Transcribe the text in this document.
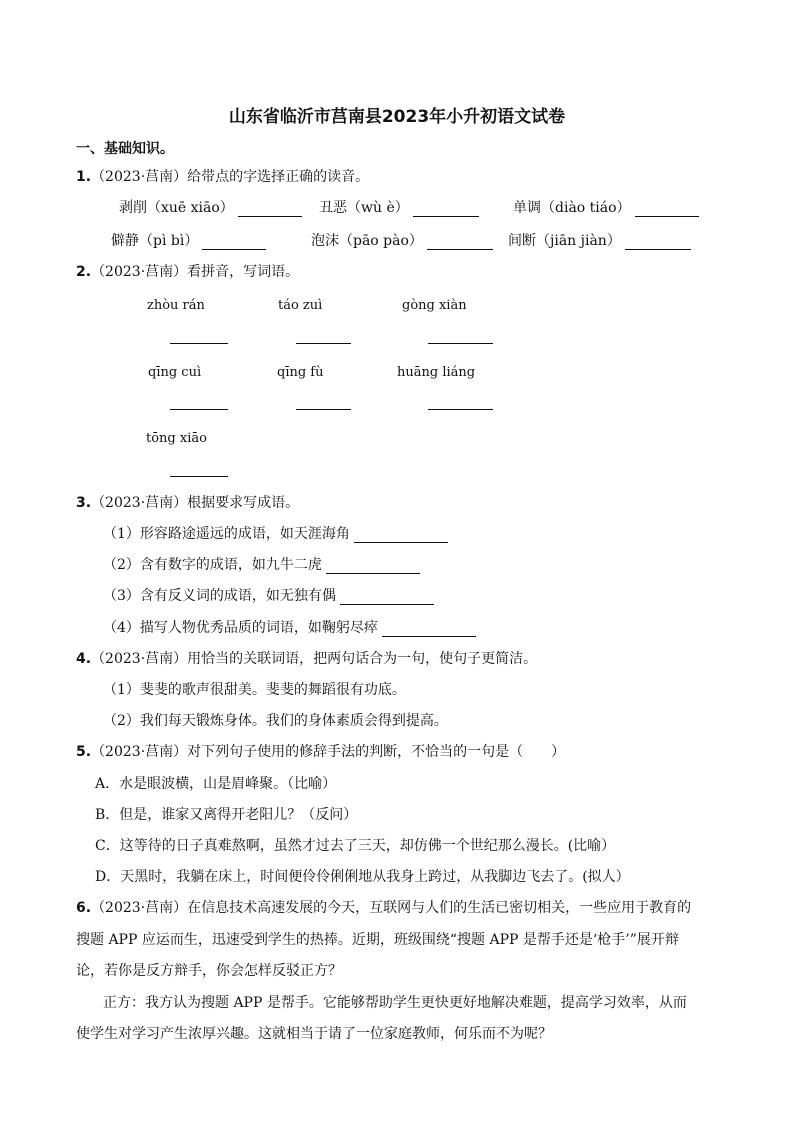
山东省临沂市莒南县2023年小升初语文试卷
一、基础知识。
1.（2023·莒南）给带点的字选择正确的读音。
剥削（xuē xiāo）	丑恶（wù è）	单调（diào tiáo）
僻静（pì bì）	泡沫（pāo pào）	间断（jiān jiàn）
2.（2023·莒南）看拼音，写词语。
zhòu rán	táo zuì	gòng xiàn
qīng cuì	qīng fù	huāng liáng
tōng xiāo
3.（2023·莒南）根据要求写成语。
（1）形容路途遥远的成语，如天涯海角
（2）含有数字的成语，如九牛二虎
（3）含有反义词的成语，如无独有偶
（4）描写人物优秀品质的词语，如鞠躬尽瘁
4.（2023·莒南）用恰当的关联词语，把两句话合为一句，使句子更简洁。
（1）斐斐的歌声很甜美。斐斐的舞蹈很有功底。
（2）我们每天锻炼身体。我们的身体素质会得到提高。
5.（2023·莒南）对下列句子使用的修辞手法的判断，不恰当的一句是（　　）
A．水是眼波横，山是眉峰聚。（比喻）
B．但是，谁家又离得开老阳儿？（反问）
C．这等待的日子真难熬啊，虽然才过去了三天，却仿佛一个世纪那么漫长。(比喻）
D．天黑时，我躺在床上，时间便伶伶俐俐地从我身上跨过，从我脚边飞去了。(拟人）
6.（2023·莒南）在信息技术高速发展的今天，互联网与人们的生活已密切相关，一些应用于教育的
搜题 APP 应运而生，迅速受到学生的热捧。近期，班级围绕“搜题 APP 是帮手还是‘枪手’”展开辩
论，若你是反方辩手，你会怎样反驳正方？
正方：我方认为搜题 APP 是帮手。它能够帮助学生更快更好地解决难题，提高学习效率，从而
使学生对学习产生浓厚兴趣。这就相当于请了一位家庭教师，何乐而不为呢？
